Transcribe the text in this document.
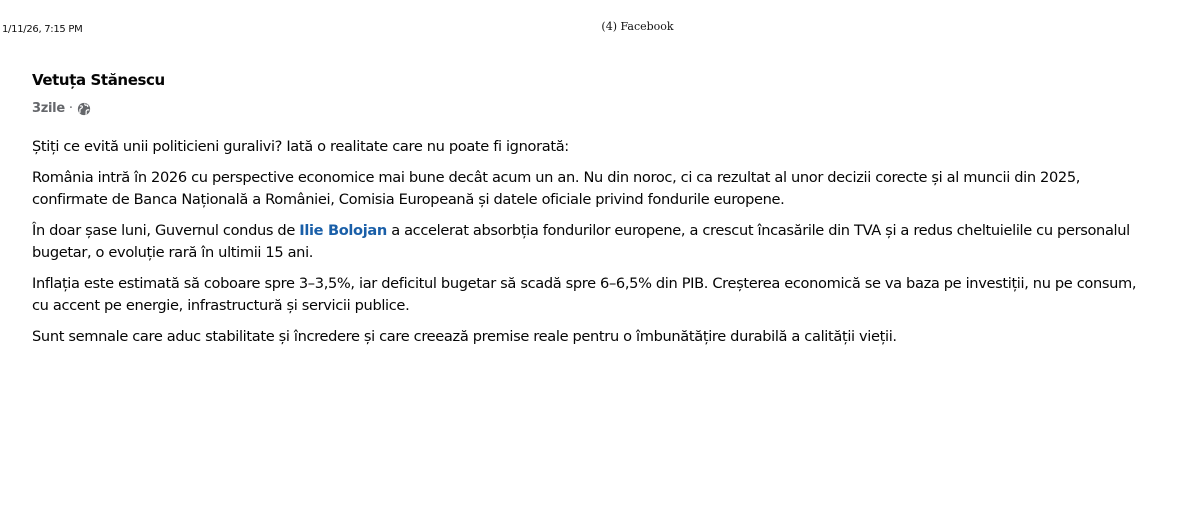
1/11/26, 7:15 PM	(4) Facebook
Vetuța Stănescu
3zile ·

Știți ce evită unii politicieni guralivi? Iată o realitate care nu poate fi ignorată:

România intră în 2026 cu perspective economice mai bune decât acum un an. Nu din noroc, ci ca rezultat al unor decizii corecte și al muncii din 2025, confirmate de Banca Națională a României, Comisia Europeană și datele oficiale privind fondurile europene.

În doar șase luni, Guvernul condus de Ilie Bolojan a accelerat absorbția fondurilor europene, a crescut încasările din TVA și a redus cheltuielile cu personalul bugetar, o evoluție rară în ultimii 15 ani.

Inflația este estimată să coboare spre 3–3,5%, iar deficitul bugetar să scadă spre 6–6,5% din PIB. Creșterea economică se va baza pe investiții, nu pe consum, cu accent pe energie, infrastructură și servicii publice.

Sunt semnale care aduc stabilitate și încredere și care creează premise reale pentru o îmbunătățire durabilă a calității vieții.
